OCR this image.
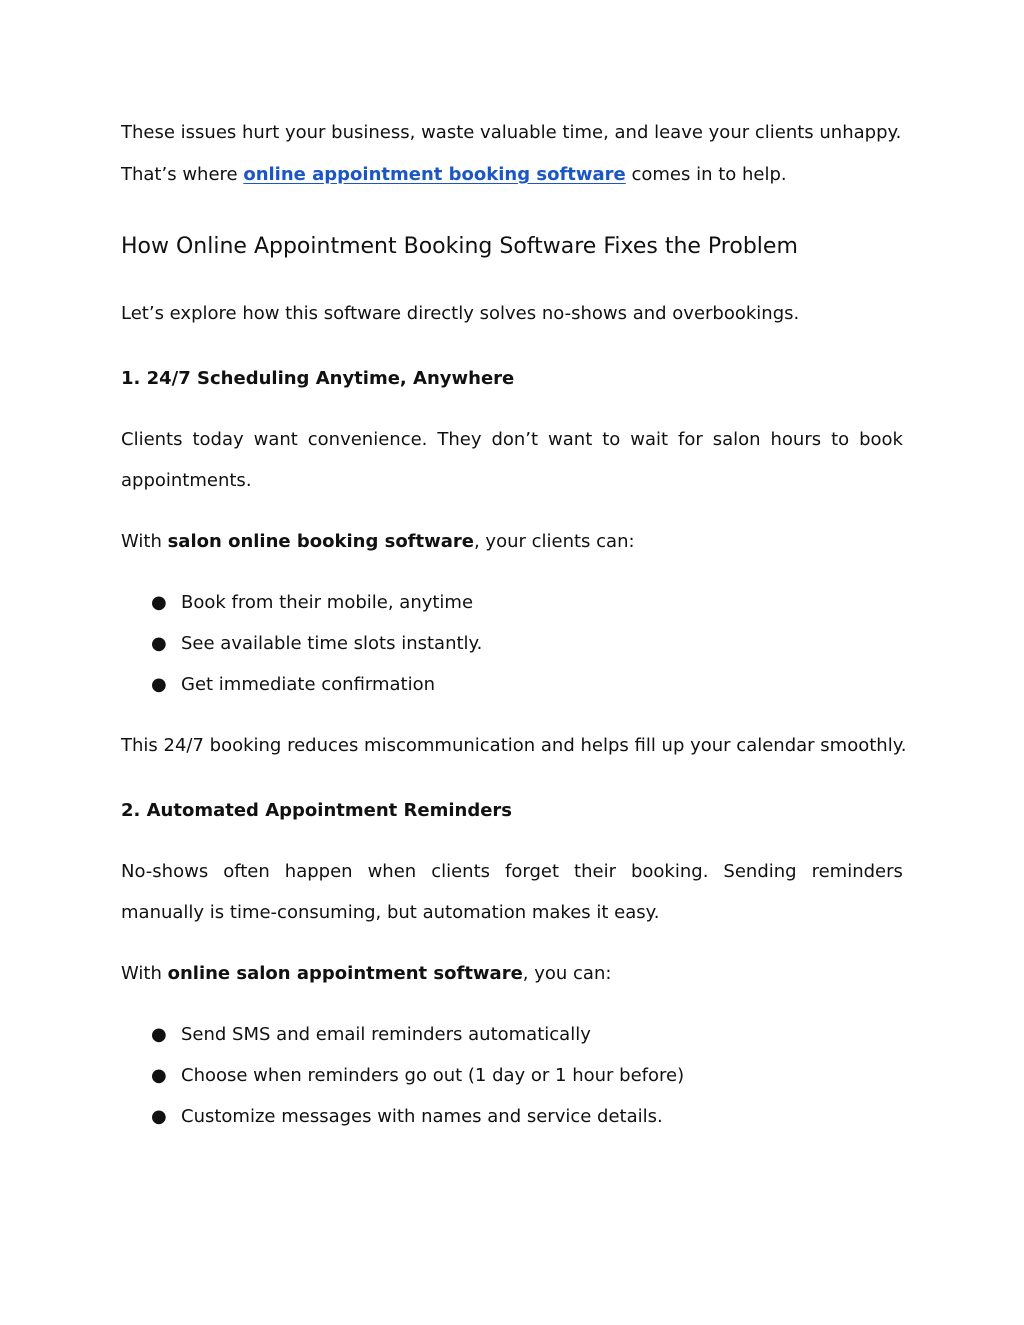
These issues hurt your business, waste valuable time, and leave your clients unhappy.
That’s where online appointment booking software comes in to help.
How Online Appointment Booking Software Fixes the Problem
Let’s explore how this software directly solves no-shows and overbookings.
1. 24/7 Scheduling Anytime, Anywhere
Clients today want convenience. They don’t want to wait for salon hours to book
appointments.
With salon online booking software, your clients can:
● Book from their mobile, anytime
● See available time slots instantly.
● Get immediate confirmation
This 24/7 booking reduces miscommunication and helps fill up your calendar smoothly.
2. Automated Appointment Reminders
No-shows often happen when clients forget their booking. Sending reminders
manually is time-consuming, but automation makes it easy.
With online salon appointment software, you can:
● Send SMS and email reminders automatically
● Choose when reminders go out (1 day or 1 hour before)
● Customize messages with names and service details.
